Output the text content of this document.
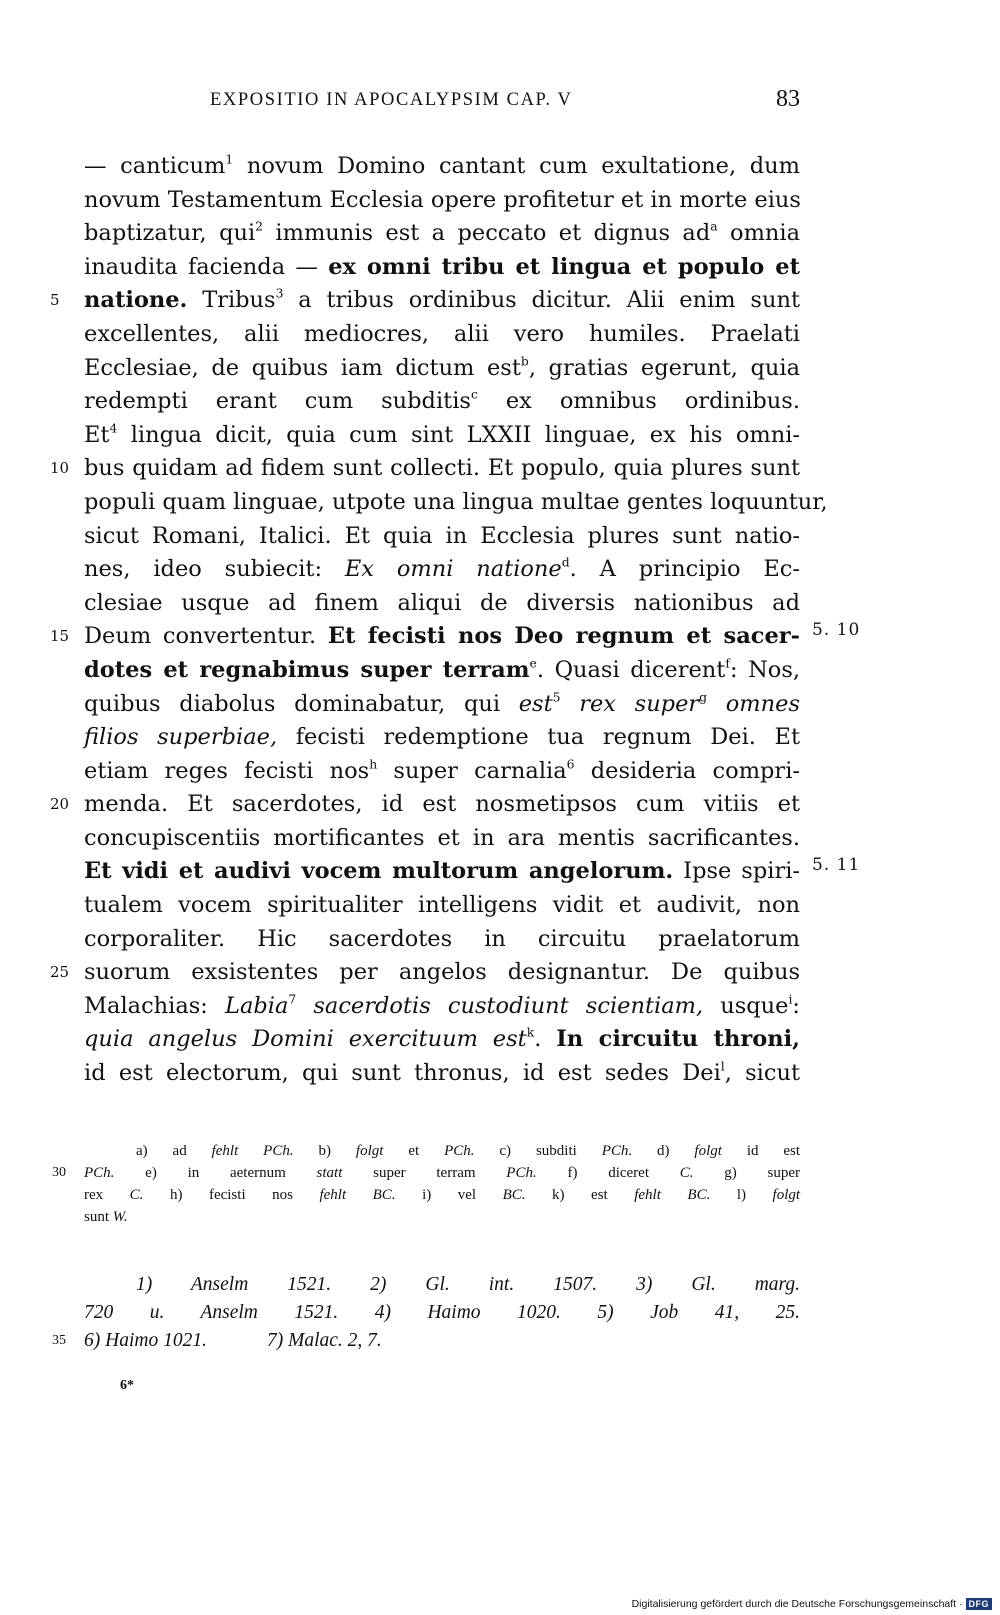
EXPOSITIO IN APOCALYPSIM CAP. V	83
— canticum$^1$ novum Domino cantant cum exultatione, dum
novum Testamentum Ecclesia opere profitetur et in morte eius
baptizatur, qui$^2$ immunis est a peccato et dignus $ad^a$ omnia
inaudita facienda — ex omni tribu et lingua et populo et
5 natione. Tribus$^3$ a tribus ordinibus dicitur. Alii enim sunt
excellentes, alii mediocres, alii vero humiles. Praelati
Ecclesiae, de quibus iam dictum est$^b$, gratias egerunt, quia
redempti erant cum subditis$^c$ ex omnibus ordinibus.
Et$^4$ lingua dicit, quia cum sint LXXII linguae, ex his omni-
10 bus quidam ad fidem sunt collecti. Et populo, quia plures sunt
populi quam linguae, utpote una lingua multae gentes loquuntur,
sicut Romani, Italici. Et quia in Ecclesia plures sunt natio-
nes, ideo subiecit: Ex omni natione$^d$. A principio Ec-
clesiae usque ad finem aliqui de diversis nationibus ad
15 Deum convertentur. Et fecisti nos Deo regnum et sacer- 5. 10
dotes et regnabimus super terram$^e$. Quasi dicerent$^f$: Nos,
quibus diabolus dominabatur, qui est$^5$ rex super$^g$ omnes
filios superbiae, fecisti redemptione tua regnum Dei. Et
etiam reges fecisti nos$^h$ super carnalia$^6$ desideria compri-
20 menda. Et sacerdotes, id est nosmetipsos cum vitiis et
concupiscentiis mortificantes et in ara mentis sacrificantes.
Et vidi et audivi vocem multorum angelorum. Ipse spiri- 5. 11
tualem vocem spiritualiter intelligens vidit et audivit, non
corporaliter. Hic sacerdotes in circuitu praelatorum
25 suorum exsistentes per angelos designantur. De quibus
Malachias: Labia$^7$ sacerdotis custodiunt scientiam, usque$^i$:
quia angelus Domini exercituum est$^k$. In circuitu throni,
id est electorum, qui sunt thronus, id est sedes Dei$^l$, sicut
a) ad fehlt PCh. b) folgt et PCh. c) subditi PCh. d) folgt id est
30 PCh. e) in aeternum statt super terram PCh. f) diceret C. g) super
rex C. h) fecisti nos fehlt BC. i) vel BC. k) est fehlt BC. l) folgt
sunt W.
1) Anselm 1521. 2) Gl. int. 1507. 3) Gl. marg.
720 u. Anselm 1521. 4) Haimo 1020. 5) Job 41, 25.
35 6) Haimo 1021.	7) Malac. 2, 7.
6*
Digitalisierung gefördert durch die Deutsche Forschungsgemeinschaft · DFG
